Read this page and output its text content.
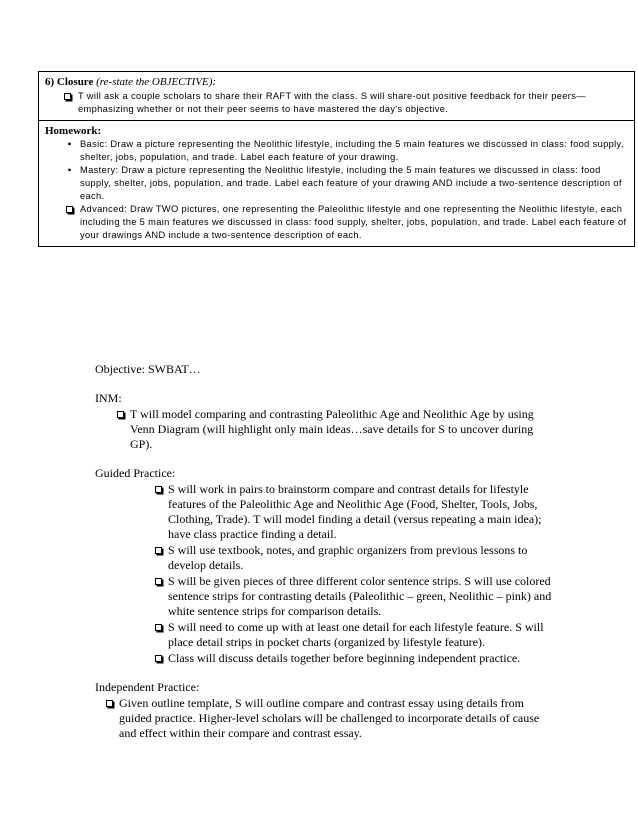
6) Closure (re-state the OBJECTIVE):
T will ask a couple scholars to share their RAFT with the class. S will share-out positive feedback for their peers—emphasizing whether or not their peer seems to have mastered the day's objective.
Homework:
• Basic: Draw a picture representing the Neolithic lifestyle, including the 5 main features we discussed in class: food supply, shelter, jobs, population, and trade. Label each feature of your drawing.
• Mastery: Draw a picture representing the Neolithic lifestyle, including the 5 main features we discussed in class: food supply, shelter, jobs, population, and trade. Label each feature of your drawing AND include a two-sentence description of each.
Advanced: Draw TWO pictures, one representing the Paleolithic lifestyle and one representing the Neolithic lifestyle, each including the 5 main features we discussed in class: food supply, shelter, jobs, population, and trade. Label each feature of your drawings AND include a two-sentence description of each.

Objective: SWBAT…

INM:

T will model comparing and contrasting Paleolithic Age and Neolithic Age by using Venn Diagram (will highlight only main ideas…save details for S to uncover during GP).

Guided Practice:

S will work in pairs to brainstorm compare and contrast details for lifestyle features of the Paleolithic Age and Neolithic Age (Food, Shelter, Tools, Jobs, Clothing, Trade). T will model finding a detail (versus repeating a main idea); have class practice finding a detail.
S will use textbook, notes, and graphic organizers from previous lessons to develop details.
S will be given pieces of three different color sentence strips. S will use colored sentence strips for contrasting details (Paleolithic – green, Neolithic – pink) and white sentence strips for comparison details.
S will need to come up with at least one detail for each lifestyle feature. S will place detail strips in pocket charts (organized by lifestyle feature).
Class will discuss details together before beginning independent practice.

Independent Practice:

Given outline template, S will outline compare and contrast essay using details from guided practice. Higher-level scholars will be challenged to incorporate details of cause and effect within their compare and contrast essay.
